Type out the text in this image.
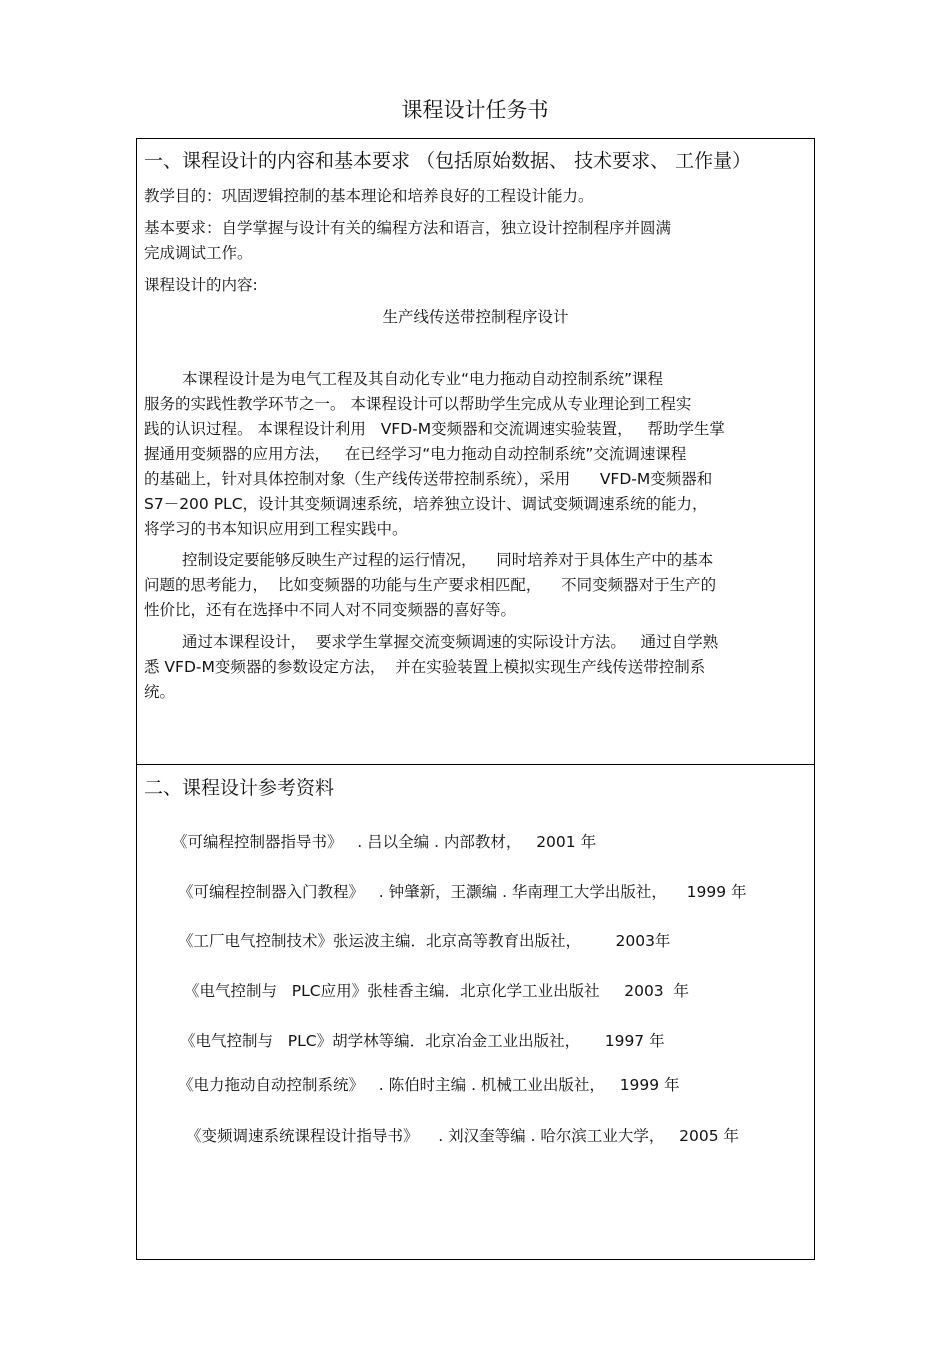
课程设计任务书
一、课程设计的内容和基本要求 （包括原始数据、 技术要求、 工作量）
教学目的：巩固逻辑控制的基本理论和培养良好的工程设计能力。
基本要求：自学掌握与设计有关的编程方法和语言，独立设计控制程序并圆满
完成调试工作。
课程设计的内容:
生产线传送带控制程序设计
本课程设计是为电气工程及其自动化专业“电力拖动自动控制系统”课程
服务的实践性教学环节之一。 本课程设计可以帮助学生完成从专业理论到工程实
践的认识过程。 本课程设计利用   VFD-M变频器和交流调速实验装置，   帮助学生掌
握通用变频器的应用方法，   在已经学习“电力拖动自动控制系统”交流调速课程
的基础上，针对具体控制对象（生产线传送带控制系统），采用      VFD-M变频器和
S7－200 PLC，设计其变频调速系统，培养独立设计、调试变频调速系统的能力，
将学习的书本知识应用到工程实践中。
控制设定要能够反映生产过程的运行情况，    同时培养对于具体生产中的基本
问题的思考能力，  比如变频器的功能与生产要求相匹配，    不同变频器对于生产的
性价比，还有在选择中不同人对不同变频器的喜好等。
通过本课程设计，  要求学生掌握交流变频调速的实际设计方法。   通过自学熟
悉 VFD-M变频器的参数设定方法，  并在实验装置上模拟实现生产线传送带控制系
统。
二、课程设计参考资料
《可编程控制器指导书》   . 吕以全编 . 内部教材，   2001 年
《可编程控制器入门教程》   . 钟肇新，王灏编 . 华南理工大学出版社，    1999 年
《工厂电气控制技术》张运波主编．北京高等教育出版社，       2003年
《电气控制与   PLC应用》张桂香主编．北京化学工业出版社     2003  年
《电气控制与   PLC》胡学林等编．北京冶金工业出版社，     1997 年
《电力拖动自动控制系统》   . 陈伯时主编 . 机械工业出版社，   1999 年
《变频调速系统课程设计指导书》    . 刘汉奎等编 . 哈尔滨工业大学，   2005 年
